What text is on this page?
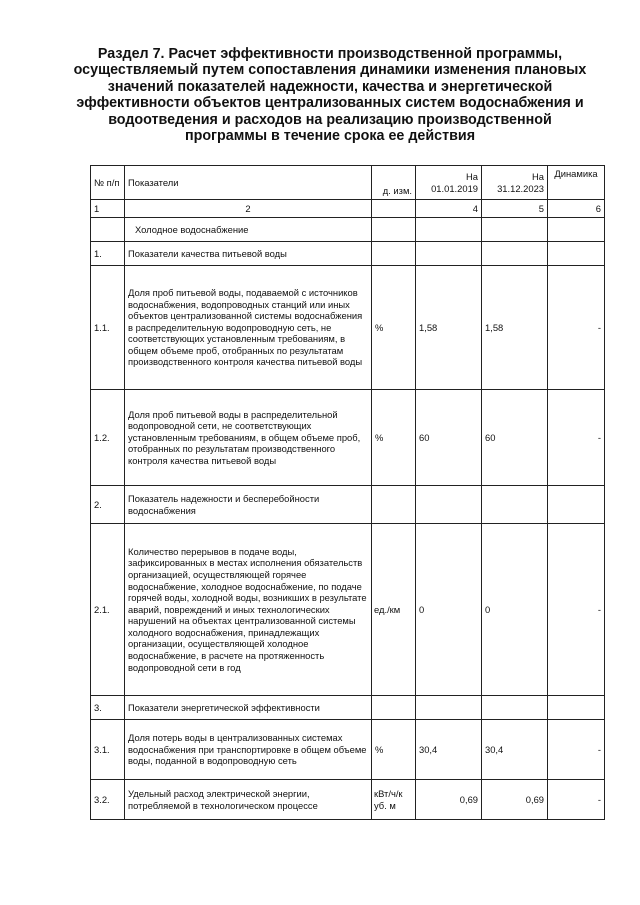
Раздел 7. Расчет эффективности производственной программы,
осуществляемый путем сопоставления динамики изменения плановых
значений показателей надежности, качества и энергетической
эффективности объектов централизованных систем водоснабжения и
водоотведения и расходов на реализацию производственной
программы в течение срока ее действия
№ п/п	Показатели	д. изм.	На 01.01.2019	На 31.12.2023	Динамика
1	2		4	5	6
	Холодное водоснабжение				
1.	Показатели качества питьевой воды				
1.1.	Доля проб питьевой воды, подаваемой с источников водоснабжения, водопроводных станций или иных объектов централизованной системы водоснабжения в распределительную водопроводную сеть, не соответствующих установленным требованиям, в общем объеме проб, отобранных по результатам производственного контроля качества питьевой воды	%	1,58	1,58	-
1.2.	Доля проб питьевой воды в распределительной водопроводной сети, не соответствующих установленным требованиям, в общем объеме проб, отобранных по результатам производственного контроля качества питьевой воды	%	60	60	-
2.	Показатель надежности и бесперебойности водоснабжения				
2.1.	Количество перерывов в подаче воды, зафиксированных в местах исполнения обязательств организацией, осуществляющей горячее водоснабжение, холодное водоснабжение, по подаче горячей воды, холодной воды, возникших в результате аварий, повреждений и иных технологических нарушений на объектах централизованной системы холодного водоснабжения, принадлежащих организации, осуществляющей холодное водоснабжение, в расчете на протяженность водопроводной сети в год	ед./км	0	0	-
3.	Показатели энергетической эффективности				
3.1.	Доля потерь воды в централизованных системах водоснабжения при транспортировке в общем объеме воды, поданной в водопроводную сеть	%	30,4	30,4	-
3.2.	Удельный расход электрической энергии, потребляемой в технологическом процессе	кВт/ч/к уб. м	0,69	0,69	-
